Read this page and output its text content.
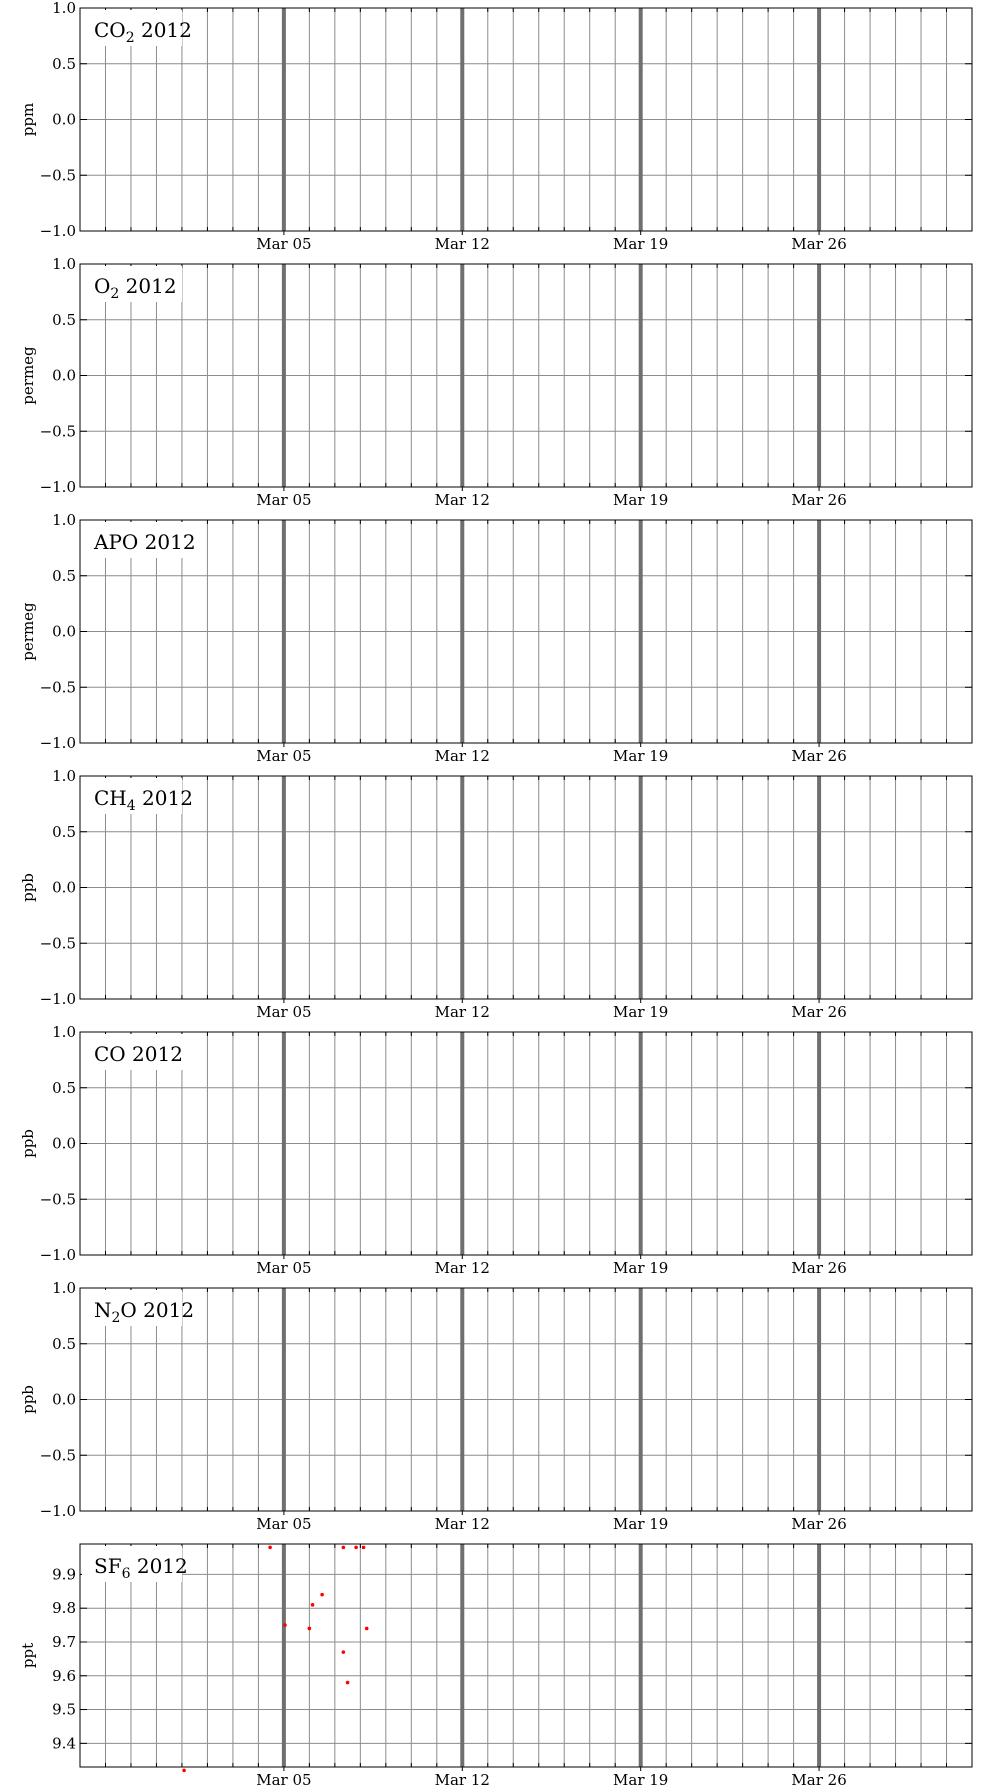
−1.0
−0.5
0.0
0.5
1.0
Mar 05	Mar 12	Mar 19	Mar 26
$CO_2$ 2012
ppm
−1.0
−0.5
0.0
0.5
1.0
Mar 05	Mar 12	Mar 19	Mar 26
$O_2$ 2012
permeg
−1.0
−0.5
0.0
0.5
1.0
Mar 05	Mar 12	Mar 19	Mar 26
APO 2012
permeg
−1.0
−0.5
0.0
0.5
1.0
Mar 05	Mar 12	Mar 19	Mar 26
$CH_4$ 2012
ppb
−1.0
−0.5
0.0
0.5
1.0
Mar 05	Mar 12	Mar 19	Mar 26
CO 2012
ppb
−1.0
−0.5
0.0
0.5
1.0
Mar 05	Mar 12	Mar 19	Mar 26
$N_2O$ 2012
ppb
9.4
9.5
9.6
9.7
9.8
9.9
Mar 05	Mar 12	Mar 19	Mar 26
$SF_6$ 2012
ppt
